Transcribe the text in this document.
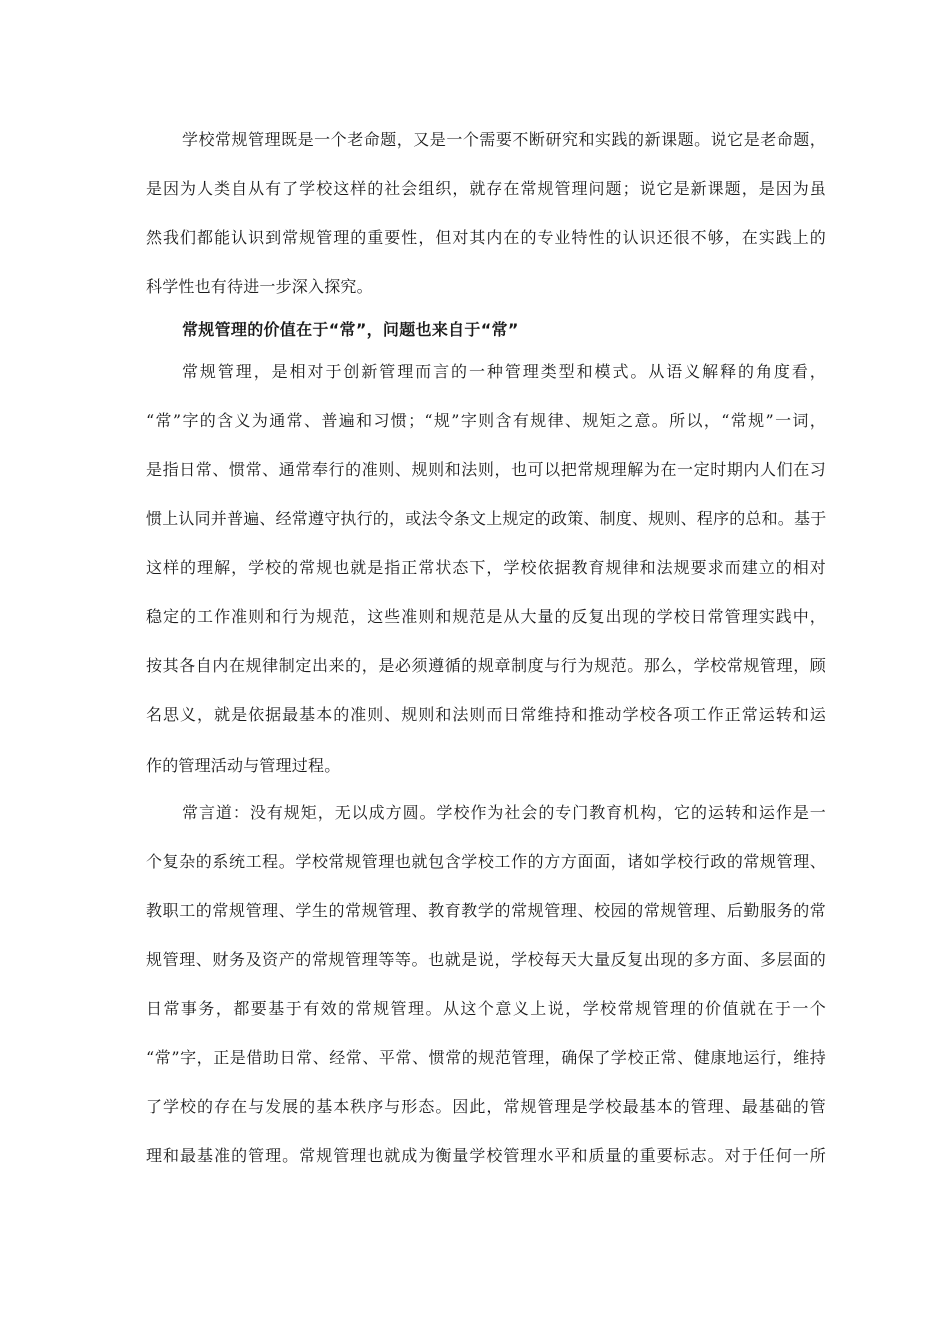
学校常规管理既是一个老命题，又是一个需要不断研究和实践的新课题。说它是老命题，
是因为人类自从有了学校这样的社会组织，就存在常规管理问题；说它是新课题，是因为虽
然我们都能认识到常规管理的重要性，但对其内在的专业特性的认识还很不够，在实践上的
科学性也有待进一步深入探究。
常规管理的价值在于“常”，问题也来自于“常”
常规管理，是相对于创新管理而言的一种管理类型和模式。从语义解释的角度看，
“常”字的含义为通常、普遍和习惯；“规”字则含有规律、规矩之意。所以，“常规”一词，
是指日常、惯常、通常奉行的准则、规则和法则，也可以把常规理解为在一定时期内人们在习
惯上认同并普遍、经常遵守执行的，或法令条文上规定的政策、制度、规则、程序的总和。基于
这样的理解，学校的常规也就是指正常状态下，学校依据教育规律和法规要求而建立的相对
稳定的工作准则和行为规范，这些准则和规范是从大量的反复出现的学校日常管理实践中，
按其各自内在规律制定出来的，是必须遵循的规章制度与行为规范。那么，学校常规管理，顾
名思义，就是依据最基本的准则、规则和法则而日常维持和推动学校各项工作正常运转和运
作的管理活动与管理过程。
常言道：没有规矩，无以成方圆。学校作为社会的专门教育机构，它的运转和运作是一
个复杂的系统工程。学校常规管理也就包含学校工作的方方面面，诸如学校行政的常规管理、
教职工的常规管理、学生的常规管理、教育教学的常规管理、校园的常规管理、后勤服务的常
规管理、财务及资产的常规管理等等。也就是说，学校每天大量反复出现的多方面、多层面的
日常事务，都要基于有效的常规管理。从这个意义上说，学校常规管理的价值就在于一个
“常”字，正是借助日常、经常、平常、惯常的规范管理，确保了学校正常、健康地运行，维持
了学校的存在与发展的基本秩序与形态。因此，常规管理是学校最基本的管理、最基础的管
理和最基准的管理。常规管理也就成为衡量学校管理水平和质量的重要标志。对于任何一所
